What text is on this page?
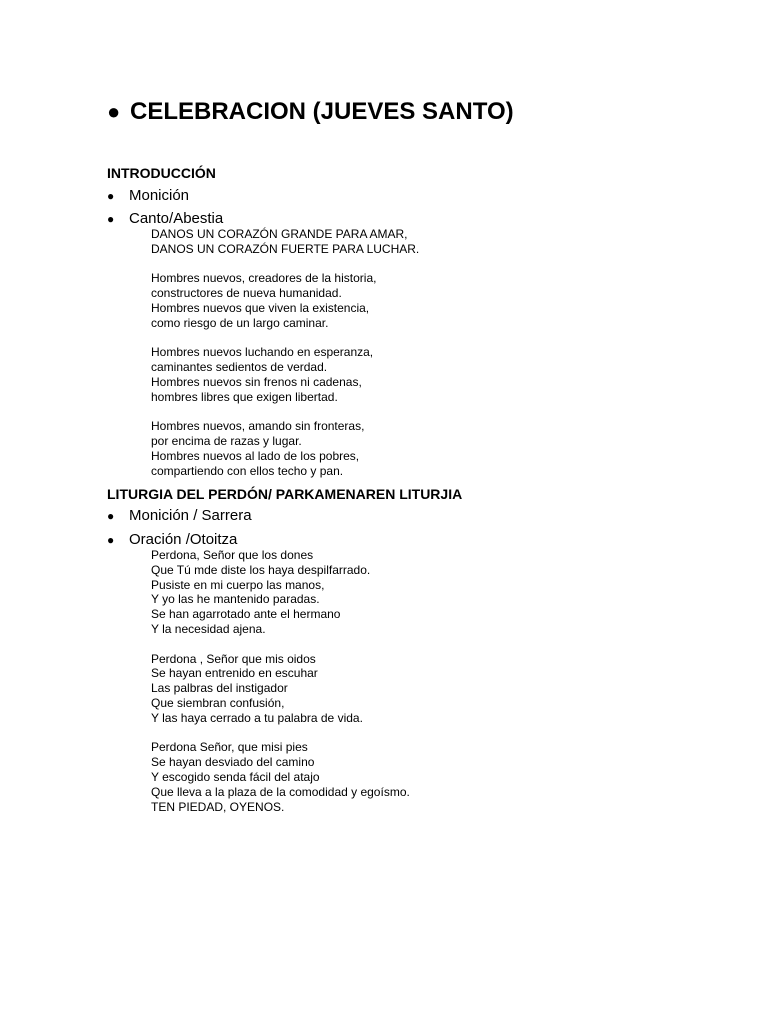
● CELEBRACION (JUEVES SANTO)
INTRODUCCIÓN
● Monición
● Canto/Abestia
DANOS UN CORAZÓN GRANDE PARA AMAR,
DANOS UN CORAZÓN FUERTE PARA LUCHAR.
Hombres nuevos, creadores de la historia,
constructores de nueva humanidad.
Hombres nuevos que viven la existencia,
como riesgo de un largo caminar.
Hombres nuevos luchando en esperanza,
caminantes sedientos de verdad.
Hombres nuevos sin frenos ni cadenas,
hombres libres que exigen libertad.
Hombres nuevos, amando sin fronteras,
por encima de razas y lugar.
Hombres nuevos al lado de los pobres,
compartiendo con ellos techo y pan.
LITURGIA DEL PERDÓN/ PARKAMENAREN LITURJIA
● Monición / Sarrera
● Oración /Otoitza
Perdona, Señor que los dones
Que Tú mde diste los haya despilfarrado.
Pusiste en mi cuerpo las manos,
Y yo las he mantenido paradas.
Se han agarrotado ante el hermano
Y la necesidad ajena.
Perdona , Señor que mis oidos
Se hayan entrenido en escuhar
Las palbras del instigador
Que siembran confusión,
Y las haya cerrado a tu palabra de vida.
Perdona Señor, que misi pies
Se hayan desviado del camino
Y escogido senda fácil del atajo
Que lleva a la plaza de la comodidad y egoísmo.
TEN PIEDAD, OYENOS.
